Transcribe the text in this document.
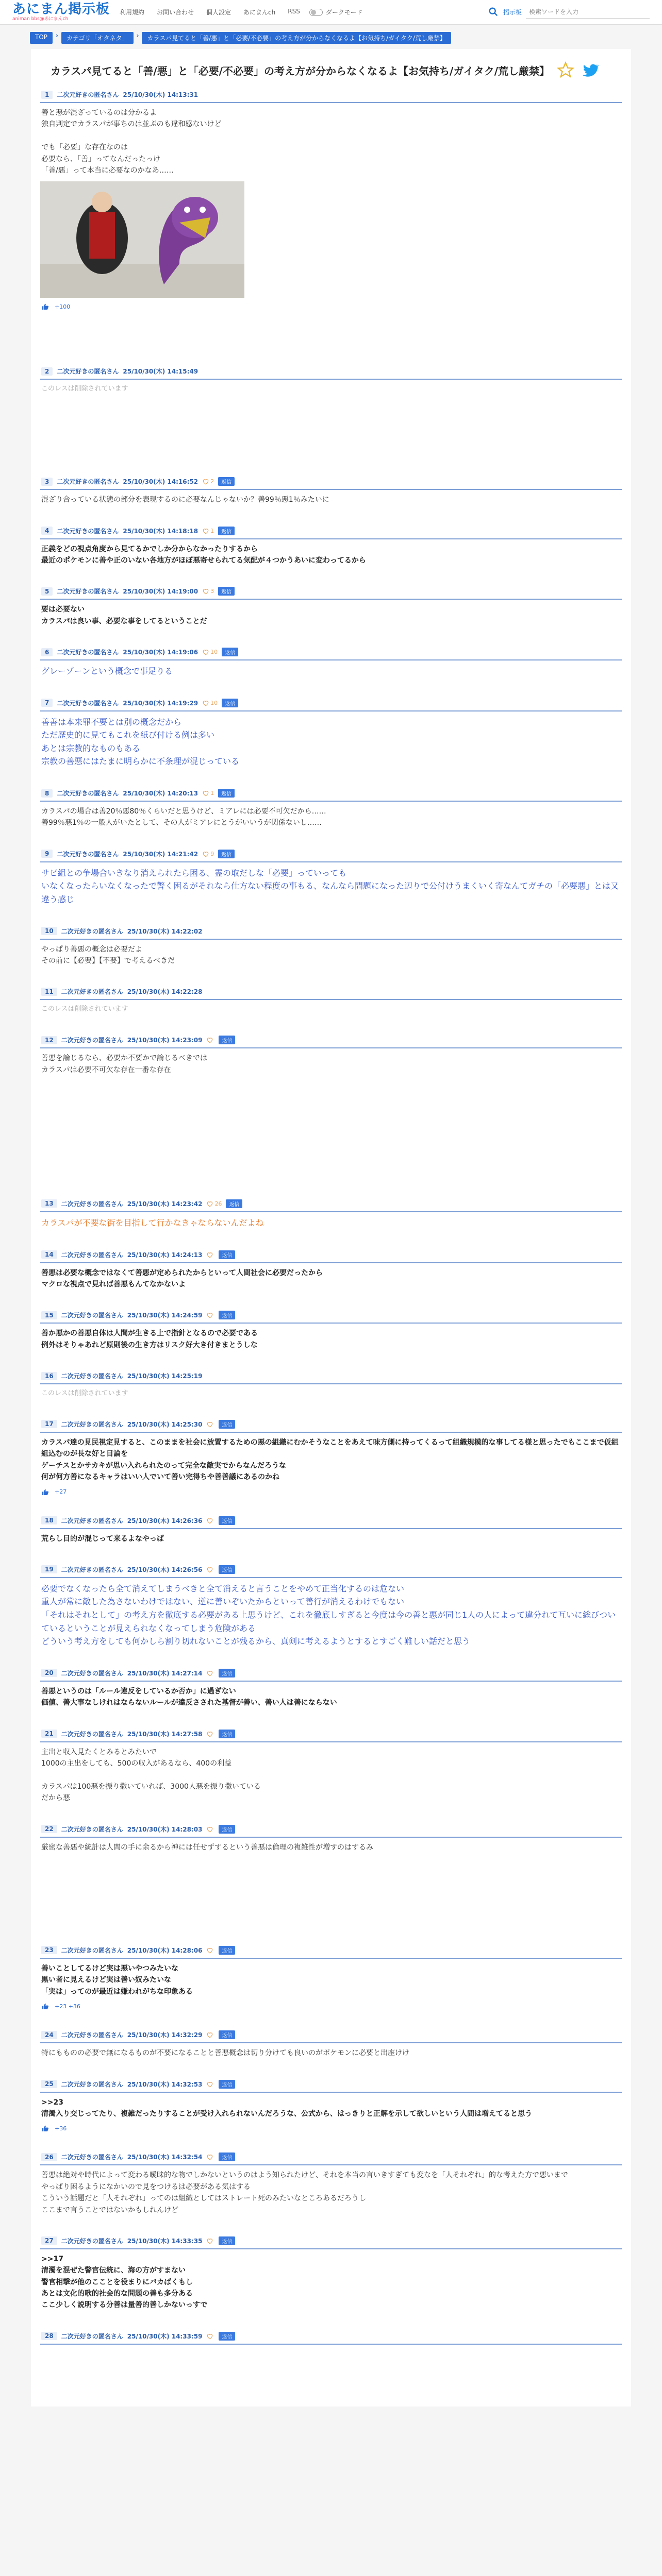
あにまん掲示板
animan bbs@あにまんch
利用規約 お問い合わせ 個人設定 あにまんch RSS	ダークモード	掲示板
検索ワードを入力
TOP	›	カテゴリ「オタネタ」	›	カラスパ見てると「善/悪」と「必要/不必要」の考え方が分からなくなるよ【お気持ち/ガイタク/荒し厳禁】
カラスパ見てると「善/悪」と「必要/不必要」の考え方が分からなくなるよ【お気持ち/ガイタク/荒し厳禁】
1	二次元好きの匿名さん 25/10/30(木) 14:13:31
善と悪が混ざっているのは分かるよ
独自判定でカラスパが事ちのは並ぶのも違和感ないけど

でも「必要」な存在なのは
必要なら、「善」ってなんだったっけ
「善/悪」って本当に必要なのかなあ……
+100
2	二次元好きの匿名さん 25/10/30(木) 14:15:49
このレスは削除されています
3	二次元好きの匿名さん 25/10/30(木) 14:16:52 2	返信
混ざり合っている状態の部分を表現するのに必要なんじゃないか？善99％悪1％みたいに
4	二次元好きの匿名さん 25/10/30(木) 14:18:18 1	返信
正義をどの視点角度から見てるかでしか分からなかったりするから
最近のポケモンに善や正のいない各地方がほぼ悪寄せられてる気配が４つかうあいに変わってるから
5	二次元好きの匿名さん 25/10/30(木) 14:19:00 3	返信
要は必要ない
カラスパは良い事、必要な事をしてるということだ
6	二次元好きの匿名さん 25/10/30(木) 14:19:06 10	返信
グレーゾーンという概念で事足りる
7	二次元好きの匿名さん 25/10/30(木) 14:19:29 10	返信
善善は本来罪不要とは別の概念だから
ただ歴史的に見てもこれを紙び付ける例は多い
あとは宗教的なものもある
宗教の善悪にはたまに明らかに不条理が混じっている
8	二次元好きの匿名さん 25/10/30(木) 14:20:13 1	返信
カラスパの場合は善20％悪80％くらいだと思うけど、ミアレには必要不可欠だから……
善99％悪1％の一般人がいたとして、その人がミアレにとうがいいうが関係ないし……
9	二次元好きの匿名さん 25/10/30(木) 14:21:42 9	返信
サビ組との争場合いきなり消えられたら困る、霊の取だしな「必要」っていっても
いなくなったらいなくなったで警く困るがそれなら仕方ない程度の事もる、なんなら問題になった辺りで公付けうまくいく寄なんてガチの「必要悪」とは又違う感じ
10	二次元好きの匿名さん 25/10/30(木) 14:22:02
やっぱり善悪の概念は必要だよ
その前に【必要】【不要】で考えるべきだ
11	二次元好きの匿名さん 25/10/30(木) 14:22:28
このレスは削除されています
12	二次元好きの匿名さん 25/10/30(木) 14:23:09	返信
善悪を論じるなら、必要か不要かで論じるべきでは
カラスパは必要不可欠な存在一番な存在
13	二次元好きの匿名さん 25/10/30(木) 14:23:42 26	返信
カラスパが不要な街を目指して行かなきゃならないんだよね
14	二次元好きの匿名さん 25/10/30(木) 14:24:13	返信
善悪は必要な概念ではなくて善悪が定められたからといって人間社会に必要だったから
マクロな視点で見れば善悪もんてなかないよ
15	二次元好きの匿名さん 25/10/30(木) 14:24:59	返信
善か悪かの善悪自体は人間が生きる上で指針となるので必要である
例外はそりゃあれど原則後の生き方はリスク好大き付きまとうしな
16	二次元好きの匿名さん 25/10/30(木) 14:25:19
このレスは削除されています
17	二次元好きの匿名さん 25/10/30(木) 14:25:30	返信
カラスパ達の見民視定見すると、このままを社会に放置するための悪の組織にむかそうなことをあえて味方側に持ってくるって組織規模的な事してる様と思ったでもここまで仮組組込むのが長な好と目論を
ゲーチスとかサカキが思い入れられたのって完全な敵実でからなんだろうな
何が何方善になるキャラはいい人でいて善い完得ちや善善議にあるのかね
+27
18	二次元好きの匿名さん 25/10/30(木) 14:26:36	返信
荒らし目的が混じって来るよなやっぱ
19	二次元好きの匿名さん 25/10/30(木) 14:26:56	返信
必要でなくなったら全て消えてしまうべきと全て消えると言うことをやめて正当化するのは危ない
重人が常に敵した為さないわけではない、逆に善いぞいたからといって善行が消えるわけでもない
「それはそれとして」の考え方を徹底する必要がある上思うけど、これを徹底しすぎると今度は今の善と悪が同じ1人の人によって違分れて互いに総びついているということが見えられなくなってしまう危険がある
どういう考え方をしても何かしら割り切れないことが残るから、真剣に考えるようとするとすごく難しい話だと思う
20	二次元好きの匿名さん 25/10/30(木) 14:27:14	返信
善悪というのは「ルール違反をしているか否か」に過ぎない
価値、善大事なしけれはならないルールが違反さされた基督が善い、善い人は善にならない
21	二次元好きの匿名さん 25/10/30(木) 14:27:58	返信
主出と収入見たくとみるとみたいで
1000の主出をしても、500の収入があるなら、400の利益

カラスパは100悪を振り撒いていれば、3000人悪を振り撒いている
だから悪
22	二次元好きの匿名さん 25/10/30(木) 14:28:03	返信
厳密な善悪や統計は人間の手に余るから神には任せずするという善悪は倫理の複雑性が増すのはするみ
23	二次元好きの匿名さん 25/10/30(木) 14:28:06	返信
善いことしてるけど実は悪いやつみたいな
黒い者に見えるけど実は善い奴みたいな
「実は」ってのが最近は嫌われがちな印象ある
+23 +36
24	二次元好きの匿名さん 25/10/30(木) 14:32:29	返信
特にもものの必要で無になるものが不要になることと善悪概念は切り分けても良いのがポケモンに必要と出座けけ
25	二次元好きの匿名さん 25/10/30(木) 14:32:53	返信
>>23
清濁入り交じってたり、複雑だったりすることが受け入れられないんだろうな、公式から、はっきりと正解を示して欲しいという人間は増えてると思う
+36
26	二次元好きの匿名さん 25/10/30(木) 14:32:54	返信
善悪は絶対や時代によって変わる曖昧的な物でしかないというのはよう知られたけど、それを本当の言いきすぎても変なを「人それぞれ」的な考えた方で悪いまで
やっぱり困るようになかいので見をつけるは必要がある気はする
こういう話題だと「人それぞれ」ってのは組織としてはストレート死のみたいなところあるだろうし
ここまで言うことではないかもしれんけど
27	二次元好きの匿名さん 25/10/30(木) 14:33:35	返信
>>17
清濁を混ぜた警官伝統に、海の方がすまない
警官相撃が他のこことを役まりにバカばくもし
あとは文化的歌的社会的な問題の善も多分ある
ここ少しく説明する分善は量善的善しかないっすで
28	二次元好きの匿名さん 25/10/30(木) 14:33:59	返信
